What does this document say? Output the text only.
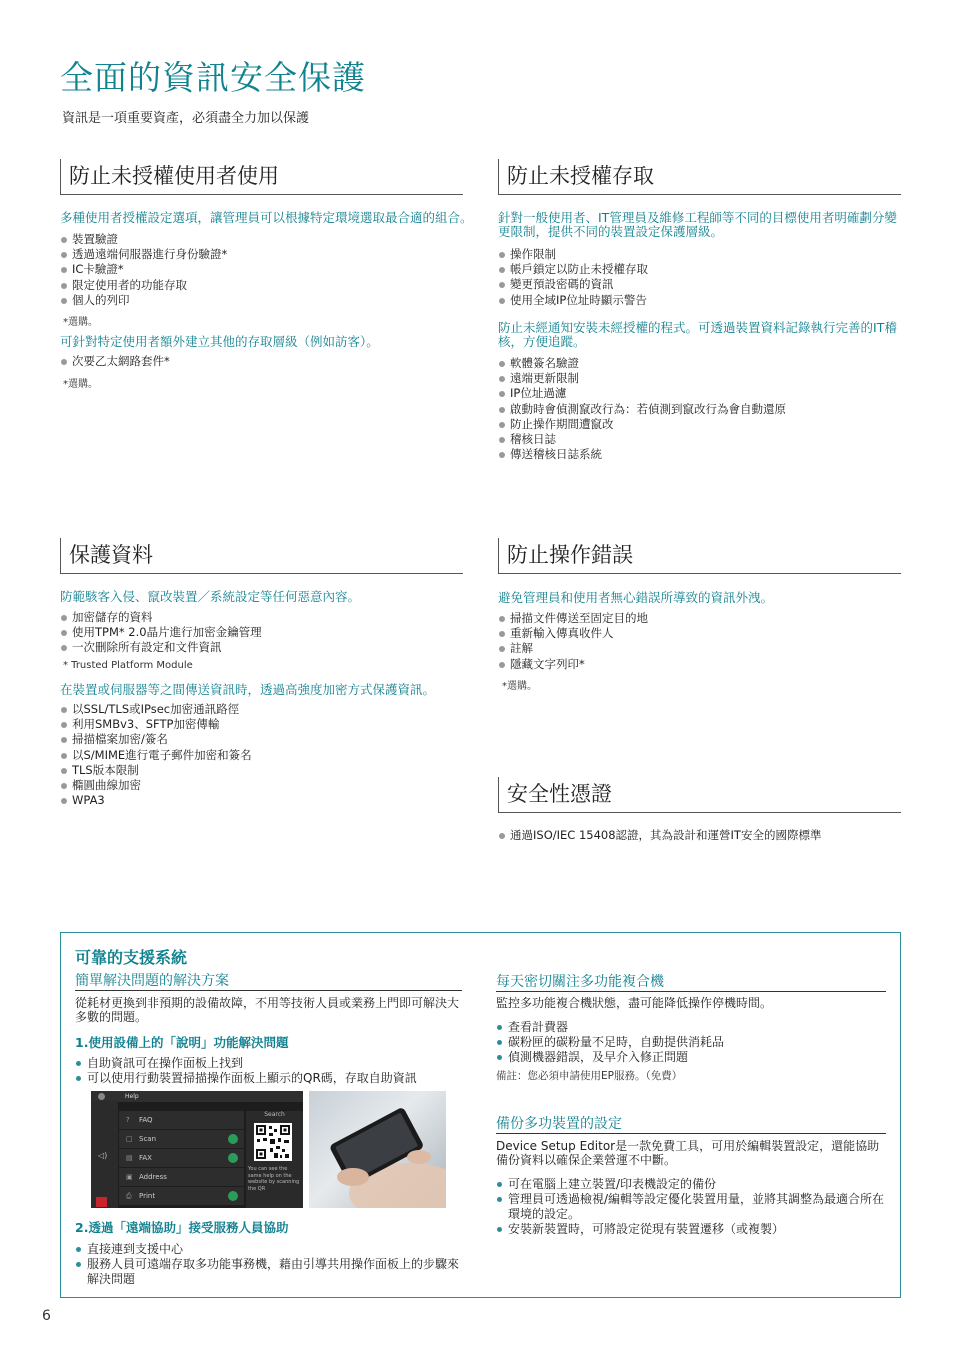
全面的資訊安全保護
資訊是一項重要資產，必須盡全力加以保護
防止未授權使用者使用
多種使用者授權設定選項，讓管理員可以根據特定環境選取最合適的組合。
裝置驗證
透過遠端伺服器進行身份驗證*
IC卡驗證*
限定使用者的功能存取
個人的列印
*選購。
可針對特定使用者額外建立其他的存取層級（例如訪客）。
次要乙太網路套件*
*選購。
防止未授權存取
針對一般使用者、IT管理員及維修工程師等不同的目標使用者明確劃分變更限制，提供不同的裝置設定保護層級。
操作限制
帳戶鎖定以防止未授權存取
變更預設密碼的資訊
使用全域IP位址時顯示警告
防止未經通知安裝未經授權的程式。可透過裝置資料記錄執行完善的IT稽核，方便追蹤。
軟體簽名驗證
遠端更新限制
IP位址過濾
啟動時會偵測竄改行為：若偵測到竄改行為會自動還原
防止操作期間遭竄改
稽核日誌
傳送稽核日誌系統
保護資料
防範駭客入侵、竄改裝置／系統設定等任何惡意內容。
加密儲存的資料
使用TPM* 2.0晶片進行加密金鑰管理
一次刪除所有設定和文件資訊
* Trusted Platform Module
在裝置或伺服器等之間傳送資訊時，透過高強度加密方式保護資訊。
以SSL/TLS或IPsec加密通訊路徑
利用SMBv3、SFTP加密傳輸
掃描檔案加密/簽名
以S/MIME進行電子郵件加密和簽名
TLS版本限制
橢圓曲線加密
WPA3
防止操作錯誤
避免管理員和使用者無心錯誤所導致的資訊外洩。
掃描文件傳送至固定目的地
重新輸入傳真收件人
註解
隱藏文字列印*
*選購。
安全性憑證
通過ISO/IEC 15408認證，其為設計和運營IT安全的國際標準
可靠的支援系統
簡單解決問題的解決方案
從耗材更換到非預期的設備故障，不用等技術人員或業務上門即可解決大多數的問題。
1.使用設備上的「說明」功能解決問題
自助資訊可在操作面板上找到
可以使用行動裝置掃描操作面板上顯示的QR碼，存取自助資訊
Help
◁)
? FAQ
□ Scan
▤ FAX
▣ Address
⎙ Print
Search
You can see the same help on the website by scanning the QR
2.透過「遠端協助」接受服務人員協助
直接連到支援中心
服務人員可遠端存取多功能事務機，藉由引導共用操作面板上的步驟來解決問題
每天密切關注多功能複合機
監控多功能複合機狀態，盡可能降低操作停機時間。
查看計費器
碳粉匣的碳粉量不足時，自動提供消耗品
偵測機器錯誤，及早介入修正問題
備註：您必須申請使用EP服務。（免費）
備份多功裝置的設定
Device Setup Editor是一款免費工具，可用於編輯裝置設定，還能協助備份資料以確保企業營運不中斷。
可在電腦上建立裝置/印表機設定的備份
管理員可透過檢視/編輯等設定優化裝置用量，並將其調整為最適合所在環境的設定。
安裝新裝置時，可將設定從現有裝置遷移（或複製）
6
